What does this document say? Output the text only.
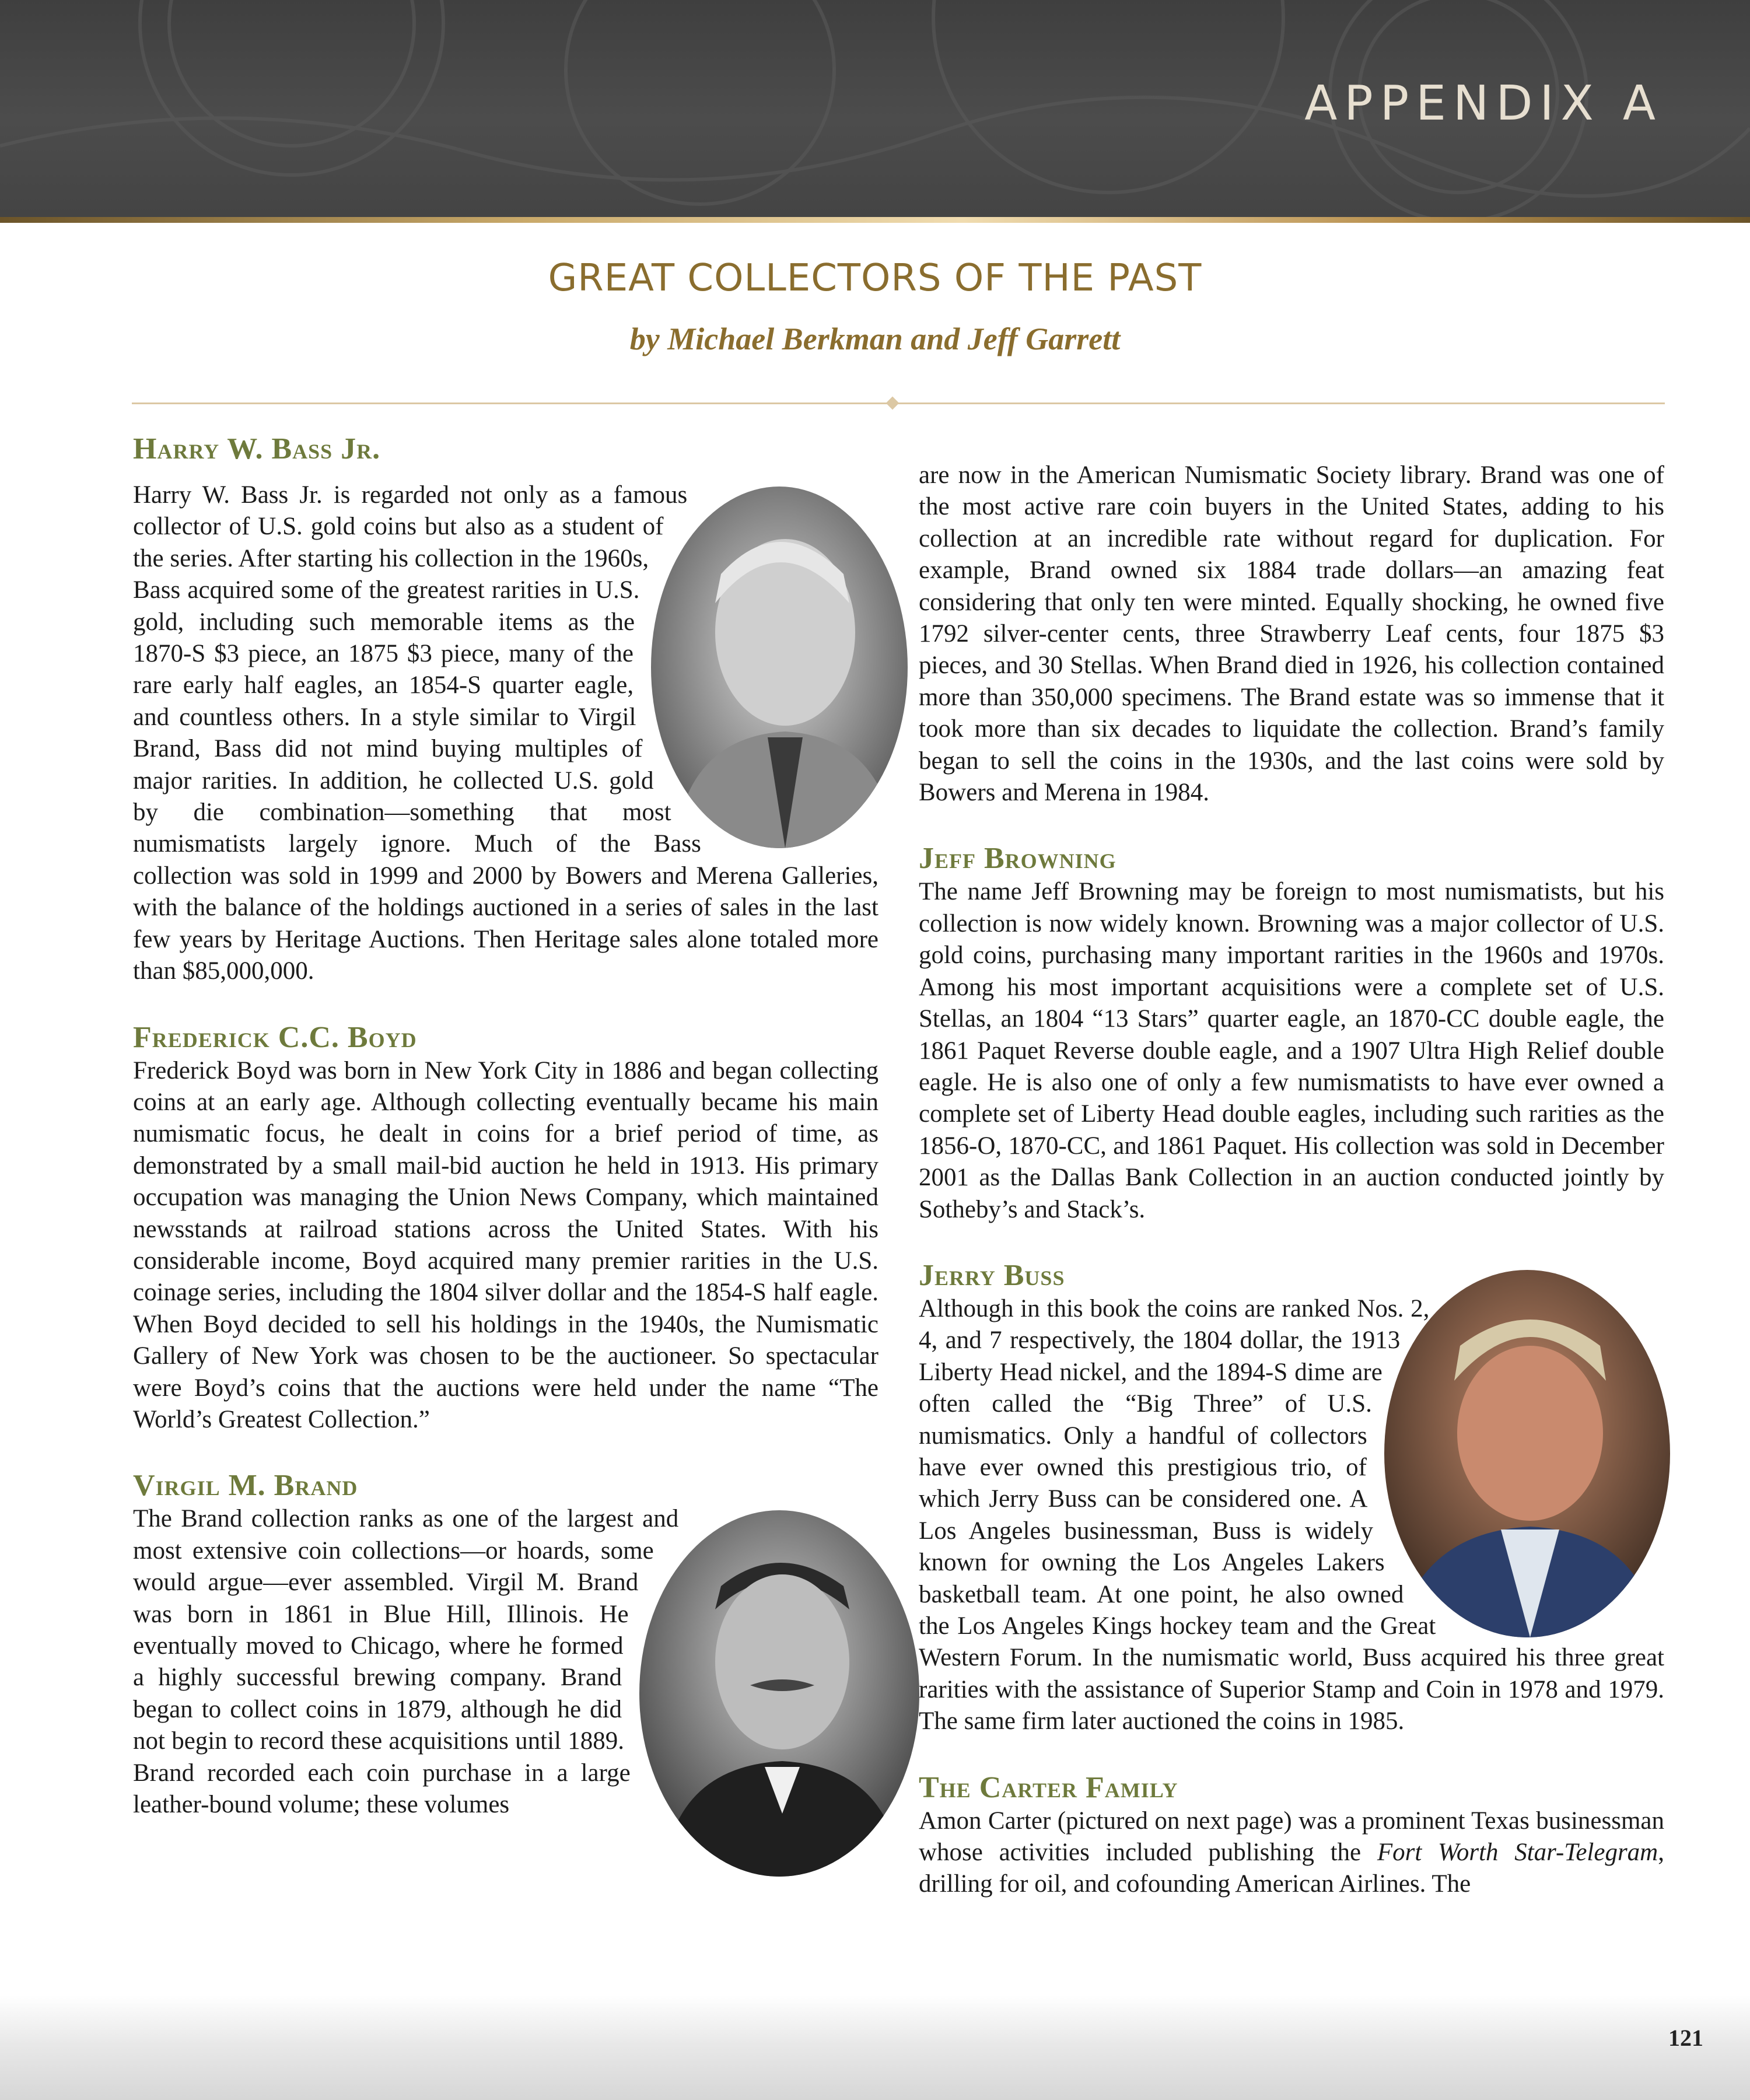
APPENDIX A
GREAT COLLECTORS OF THE PAST
by Michael Berkman and Jeff Garrett
Harry W. Bass Jr.

Harry W. Bass Jr. is regarded not only as a famous collector of U.S. gold coins but also as a student of the series. After starting his collection in the 1960s, Bass acquired some of the greatest rarities in U.S. gold, including such memorable items as the 1870-S $3 piece, an 1875 $3 piece, many of the rare early half eagles, an 1854-S quarter eagle, and countless others. In a style similar to Virgil Brand, Bass did not mind buying multiples of major rarities. In addition, he collected U.S. gold by die combination—something that most numismatists largely ignore. Much of the Bass collection was sold in 1999 and 2000 by Bowers and Merena Galleries, with the balance of the holdings auctioned in a series of sales in the last few years by Heritage Auctions. Then Heritage sales alone totaled more than $85,000,000.

Frederick C.C. Boyd

Frederick Boyd was born in New York City in 1886 and began collecting coins at an early age. Although collecting eventually became his main numismatic focus, he dealt in coins for a brief period of time, as demonstrated by a small mail-bid auction he held in 1913. His primary occupation was managing the Union News Company, which maintained newsstands at railroad stations across the United States. With his considerable income, Boyd acquired many premier rarities in the U.S. coinage series, including the 1804 silver dollar and the 1854-S half eagle. When Boyd decided to sell his holdings in the 1940s, the Numismatic Gallery of New York was chosen to be the auctioneer. So spectacular were Boyd’s coins that the auctions were held under the name “The World’s Greatest Collection.”

Virgil M. Brand

The Brand collection ranks as one of the largest and most extensive coin collections—or hoards, some would argue—ever assembled. Virgil M. Brand was born in 1861 in Blue Hill, Illinois. He eventually moved to Chicago, where he formed a highly successful brewing company. Brand began to collect coins in 1879, although he did not begin to record these acquisitions until 1889. Brand recorded each coin purchase in a large leather-bound volume; these volumes

are now in the American Numismatic Society library. Brand was one of the most active rare coin buyers in the United States, adding to his collection at an incredible rate without regard for duplication. For example, Brand owned six 1884 trade dollars—an amazing feat considering that only ten were minted. Equally shocking, he owned five 1792 silver-center cents, three Strawberry Leaf cents, four 1875 $3 pieces, and 30 Stellas. When Brand died in 1926, his collection contained more than 350,000 specimens. The Brand estate was so immense that it took more than six decades to liquidate the collection. Brand’s family began to sell the coins in the 1930s, and the last coins were sold by Bowers and Merena in 1984.

Jeff Browning

The name Jeff Browning may be foreign to most numismatists, but his collection is now widely known. Browning was a major collector of U.S. gold coins, purchasing many important rarities in the 1960s and 1970s. Among his most important acquisitions were a complete set of U.S. Stellas, an 1804 “13 Stars” quarter eagle, an 1870-CC double eagle, the 1861 Paquet Reverse double eagle, and a 1907 Ultra High Relief double eagle. He is also one of only a few numismatists to have ever owned a complete set of Liberty Head double eagles, including such rarities as the 1856-O, 1870-CC, and 1861 Paquet. His collection was sold in December 2001 as the Dallas Bank Collection in an auction conducted jointly by Sotheby’s and Stack’s.

Jerry Buss

Although in this book the coins are ranked Nos. 2, 4, and 7 respectively, the 1804 dollar, the 1913 Liberty Head nickel, and the 1894-S dime are often called the “Big Three” of U.S. numismatics. Only a handful of collectors have ever owned this prestigious trio, of which Jerry Buss can be considered one. A Los Angeles businessman, Buss is widely known for owning the Los Angeles Lakers basketball team. At one point, he also owned the Los Angeles Kings hockey team and the Great Western Forum. In the numismatic world, Buss acquired his three great rarities with the assistance of Superior Stamp and Coin in 1978 and 1979. The same firm later auctioned the coins in 1985.

The Carter Family

Amon Carter (pictured on next page) was a prominent Texas businessman whose activities included publishing the Fort Worth Star-Telegram, drilling for oil, and cofounding American Airlines. The

121
